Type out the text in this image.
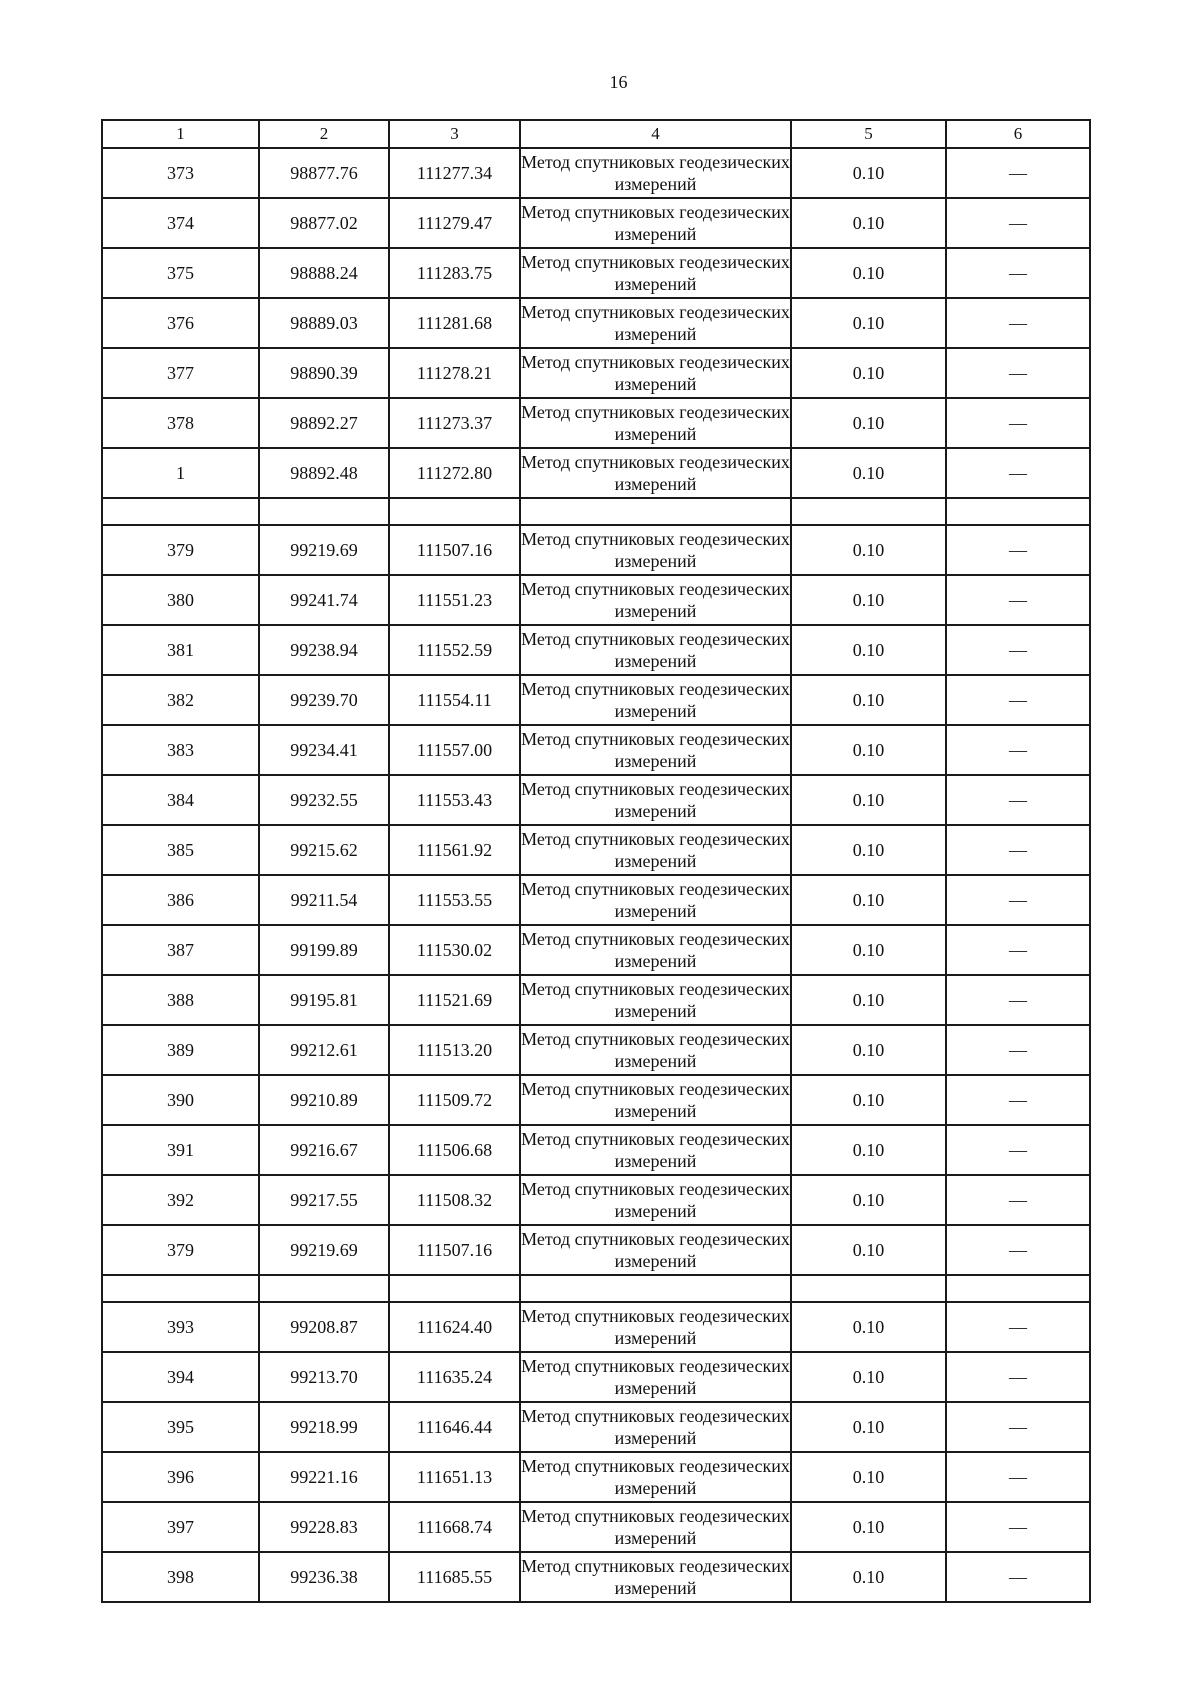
16
1	2	3	4	5	6
373	98877.76	111277.34	Метод спутниковых геодезических измерений	0.10	—
374	98877.02	111279.47	Метод спутниковых геодезических измерений	0.10	—
375	98888.24	111283.75	Метод спутниковых геодезических измерений	0.10	—
376	98889.03	111281.68	Метод спутниковых геодезических измерений	0.10	—
377	98890.39	111278.21	Метод спутниковых геодезических измерений	0.10	—
378	98892.27	111273.37	Метод спутниковых геодезических измерений	0.10	—
1	98892.48	111272.80	Метод спутниковых геодезических измерений	0.10	—

379	99219.69	111507.16	Метод спутниковых геодезических измерений	0.10	—
380	99241.74	111551.23	Метод спутниковых геодезических измерений	0.10	—
381	99238.94	111552.59	Метод спутниковых геодезических измерений	0.10	—
382	99239.70	111554.11	Метод спутниковых геодезических измерений	0.10	—
383	99234.41	111557.00	Метод спутниковых геодезических измерений	0.10	—
384	99232.55	111553.43	Метод спутниковых геодезических измерений	0.10	—
385	99215.62	111561.92	Метод спутниковых геодезических измерений	0.10	—
386	99211.54	111553.55	Метод спутниковых геодезических измерений	0.10	—
387	99199.89	111530.02	Метод спутниковых геодезических измерений	0.10	—
388	99195.81	111521.69	Метод спутниковых геодезических измерений	0.10	—
389	99212.61	111513.20	Метод спутниковых геодезических измерений	0.10	—
390	99210.89	111509.72	Метод спутниковых геодезических измерений	0.10	—
391	99216.67	111506.68	Метод спутниковых геодезических измерений	0.10	—
392	99217.55	111508.32	Метод спутниковых геодезических измерений	0.10	—
379	99219.69	111507.16	Метод спутниковых геодезических измерений	0.10	—

393	99208.87	111624.40	Метод спутниковых геодезических измерений	0.10	—
394	99213.70	111635.24	Метод спутниковых геодезических измерений	0.10	—
395	99218.99	111646.44	Метод спутниковых геодезических измерений	0.10	—
396	99221.16	111651.13	Метод спутниковых геодезических измерений	0.10	—
397	99228.83	111668.74	Метод спутниковых геодезических измерений	0.10	—
398	99236.38	111685.55	Метод спутниковых геодезических измерений	0.10	—
